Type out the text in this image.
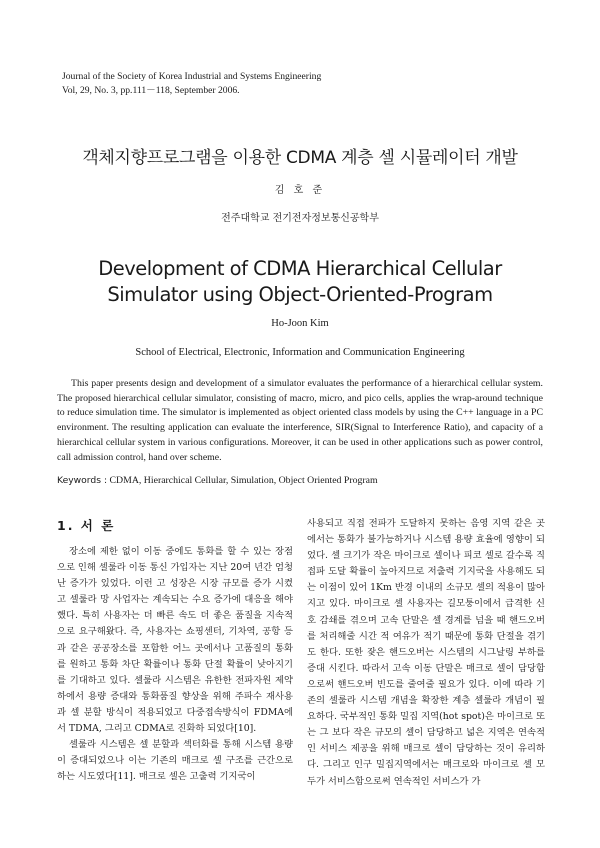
Journal of the Society of Korea Industrial and Systems Engineering
Vol, 29, No. 3, pp.111－118, September 2006.
객체지향프로그램을 이용한 CDMA 계층 셀 시뮬레이터 개발
김 호 준
전주대학교 전기전자정보통신공학부
Development of CDMA Hierarchical Cellular
Simulator using Object-Oriented-Program
Ho-Joon Kim
School of Electrical, Electronic, Information and Communication Engineering
This paper presents design and development of a simulator evaluates the performance of a hierarchical cellular system. The proposed hierarchical cellular simulator, consisting of macro, micro, and pico cells, applies the wrap-around technique to reduce simulation time. The simulator is implemented as object oriented class models by using the C++ language in a PC environment. The resulting application can evaluate the interference, SIR(Signal to Interference Ratio), and capacity of a hierarchical cellular system in various configurations. Moreover, it can be used in other applications such as power control, call admission control, hand over scheme.
Keywords : CDMA, Hierarchical Cellular, Simulation, Object Oriented Program
1. 서 론

장소에 제한 없이 이동 중에도 통화를 할 수 있는 장점으로 인해 셀룰라 이동 통신 가입자는 지난 20여 년간 엄청난 증가가 있었다. 이런 고 성장은 시장 규모를 증가 시켰고 셀룰라 망 사업자는 계속되는 수요 증가에 대응을 해야 했다. 특히 사용자는 더 빠른 속도 더 좋은 품질을 지속적으로 요구해왔다. 즉, 사용자는 쇼핑센터, 기차역, 공항 등과 같은 공공장소를 포함한 어느 곳에서나 고품질의 통화를 원하고 통화 차단 확률이나 통화 단절 확률이 낮아지기를 기대하고 있다. 셀룰라 시스템은 유한한 전파자원 제약 하에서 용량 증대와 통화품질 향상을 위해 주파수 재사용과 셀 분할 방식이 적용되었고 다중접속방식이 FDMA에서 TDMA, 그리고 CDMA로 진화하 되었다[10].

셀룰라 시스템은 셀 분할과 섹터화를 통해 시스템 용량이 증대되었으나 이는 기존의 매크로 셀 구조를 근간으로 하는 시도였다[11]. 매크로 셀은 고출력 기지국이

사용되고 직접 전파가 도달하지 못하는 음영 지역 같은 곳에서는 통화가 불가능하거나 시스템 용량 효율에 영향이 되었다. 셀 크기가 작은 마이크로 셀이나 피코 셀로 갈수록 직접파 도달 확률이 높아지므로 저출력 기지국을 사용해도 되는 이점이 있어 1Km 반경 이내의 소규모 셀의 적용이 많아지고 있다. 마이크로 셀 사용자는 길모퉁이에서 급격한 신호 감쇄를 겪으며 고속 단말은 셀 경계를 넘을 때 핸드오버를 처리해줄 시간 적 여유가 적기 때문에 통화 단절을 겪기도 한다. 또한 잦은 핸드오버는 시스템의 시그날링 부하를 증대 시킨다. 따라서 고속 이동 단말은 매크로 셀이 담당함으로써 핸드오버 빈도를 줄여줄 필요가 있다. 이에 따라 기존의 셀룰라 시스템 개념을 확장한 계층 셀룰라 개념이 필요하다. 국부적인 통화 밀집 지역(hot spot)은 마이크로 또는 그 보다 작은 규모의 셀이 담당하고 넓은 지역은 연속적인 서비스 제공을 위해 매크로 셀이 담당하는 것이 유리하다. 그리고 인구 밀집지역에서는 매크로와 마이크로 셀 모두가 서비스함으로써 연속적인 서비스가 가
